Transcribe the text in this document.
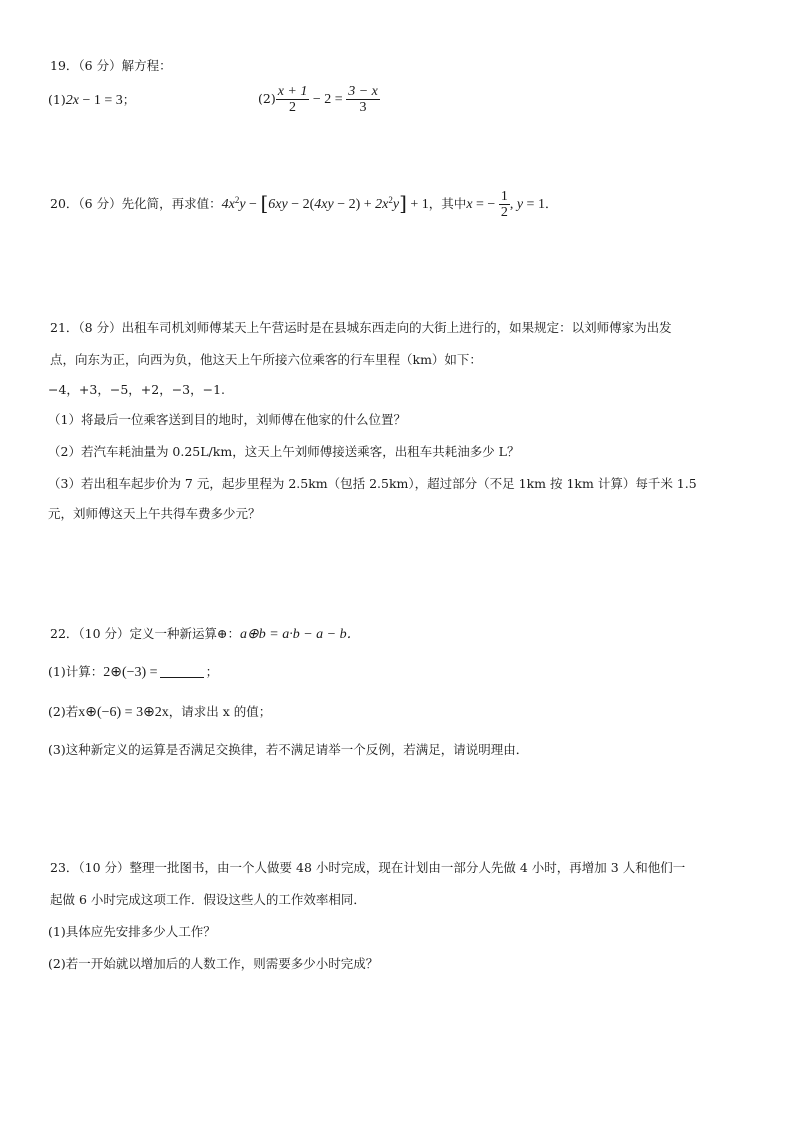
19．（6 分）解方程：
(1)2x − 1 = 3；	$(2) \frac{x + 1}{2} - 2 = \frac{3 - x}{3}$
20．（6 分）先化简，再求值：$4x^2y - [6xy - 2(4xy - 2) + 2x^2y] + 1$，其中x = − $\frac{1}{2}$ , y = 1．
21．（8 分）出租车司机刘师傅某天上午营运时是在县城东西走向的大街上进行的，如果规定：以刘师傅家为出发
点，向东为正，向西为负，他这天上午所接六位乘客的行车里程（km）如下：
−4，+3，−5，+2，−3，−1.
（1）将最后一位乘客送到目的地时，刘师傅在他家的什么位置？
（2）若汽车耗油量为 0.25L/km，这天上午刘师傅接送乘客，出租车共耗油多少 L？
（3）若出租车起步价为 7 元，起步里程为 2.5km（包括 2.5km），超过部分（不足 1km 按 1km 计算）每千米 1.5
元，刘师傅这天上午共得车费多少元？
22．（10 分）定义一种新运算⊕：a⊕b = a·b − a − b．
(1)计算：2⊕(−3) =	；
(2)若x⊕(−6) = 3⊕2x，请求出 x 的值；
(3)这种新定义的运算是否满足交换律，若不满足请举一个反例，若满足，请说明理由．
23．（10 分）整理一批图书，由一个人做要 48 小时完成，现在计划由一部分人先做 4 小时，再增加 3 人和他们一
起做 6 小时完成这项工作．假设这些人的工作效率相同．
(1)具体应先安排多少人工作？
(2)若一开始就以增加后的人数工作，则需要多少小时完成？
